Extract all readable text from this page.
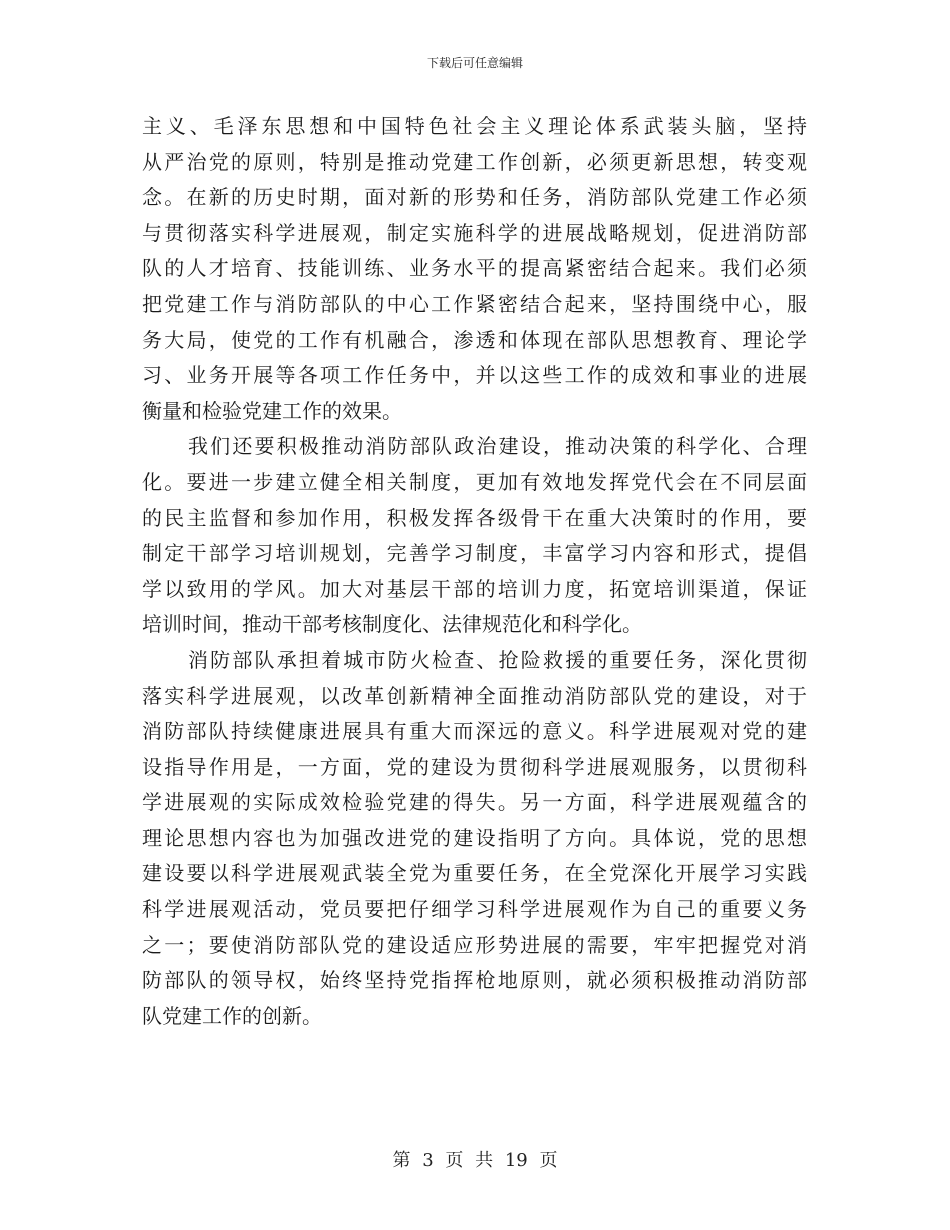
下载后可任意编辑
主义、毛泽东思想和中国特色社会主义理论体系武装头脑，坚持
从严治党的原则，特别是推动党建工作创新，必须更新思想，转变观
念。在新的历史时期，面对新的形势和任务，消防部队党建工作必须
与贯彻落实科学进展观，制定实施科学的进展战略规划，促进消防部
队的人才培育、技能训练、业务水平的提高紧密结合起来。我们必须
把党建工作与消防部队的中心工作紧密结合起来，坚持围绕中心，服
务大局，使党的工作有机融合，渗透和体现在部队思想教育、理论学
习、业务开展等各项工作任务中，并以这些工作的成效和事业的进展
衡量和检验党建工作的效果。
我们还要积极推动消防部队政治建设，推动决策的科学化、合理
化。要进一步建立健全相关制度，更加有效地发挥党代会在不同层面
的民主监督和参加作用，积极发挥各级骨干在重大决策时的作用，要
制定干部学习培训规划，完善学习制度，丰富学习内容和形式，提倡
学以致用的学风。加大对基层干部的培训力度，拓宽培训渠道，保证
培训时间，推动干部考核制度化、法律规范化和科学化。
消防部队承担着城市防火检查、抢险救援的重要任务，深化贯彻
落实科学进展观，以改革创新精神全面推动消防部队党的建设，对于
消防部队持续健康进展具有重大而深远的意义。科学进展观对党的建
设指导作用是，一方面，党的建设为贯彻科学进展观服务，以贯彻科
学进展观的实际成效检验党建的得失。另一方面，科学进展观蕴含的
理论思想内容也为加强改进党的建设指明了方向。具体说，党的思想
建设要以科学进展观武装全党为重要任务，在全党深化开展学习实践
科学进展观活动，党员要把仔细学习科学进展观作为自己的重要义务
之一；要使消防部队党的建设适应形势进展的需要，牢牢把握党对消
防部队的领导权，始终坚持党指挥枪地原则，就必须积极推动消防部
队党建工作的创新。
第 3 页 共 19 页
